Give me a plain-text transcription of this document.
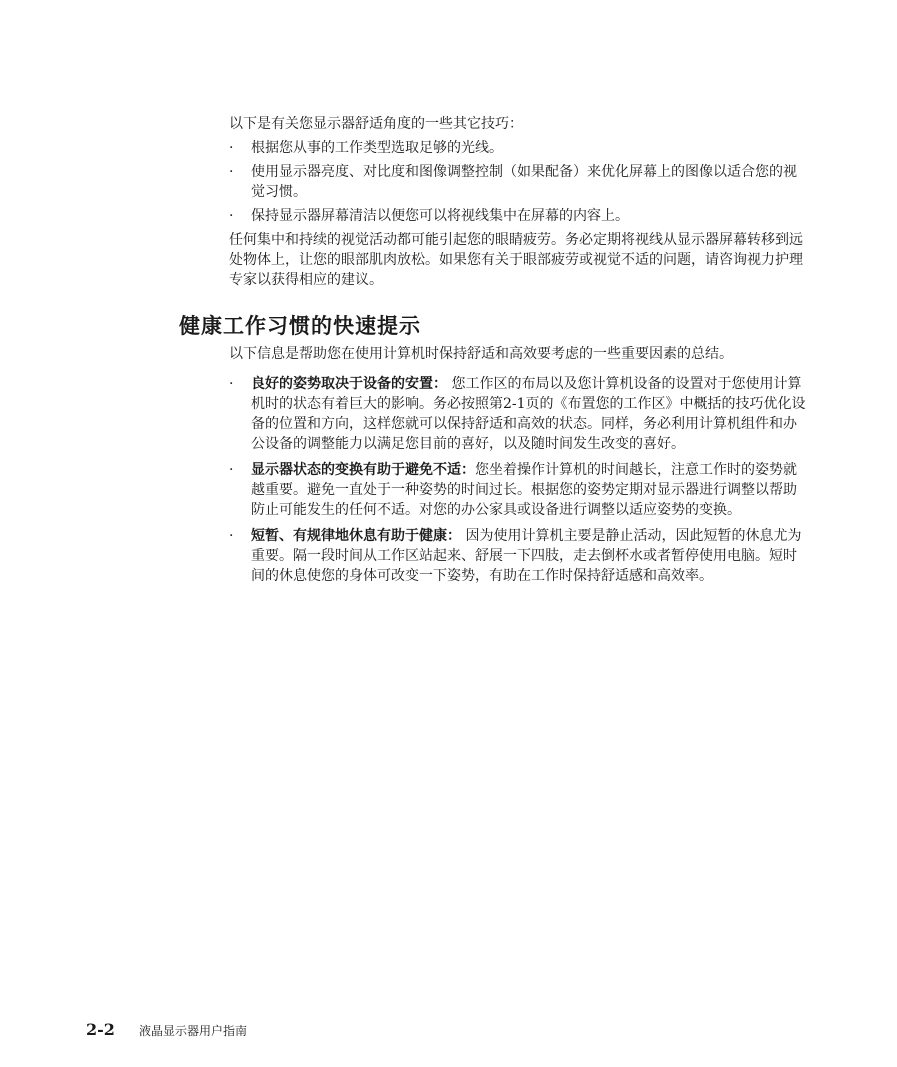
以下是有关您显示器舒适角度的一些其它技巧：

·	根据您从事的工作类型选取足够的光线。
·	使用显示器亮度、对比度和图像调整控制（如果配备）来优化屏幕上的图像以适合您的视觉习惯。
·	保持显示器屏幕清洁以便您可以将视线集中在屏幕的内容上。

任何集中和持续的视觉活动都可能引起您的眼睛疲劳。务必定期将视线从显示器屏幕转移到远处物体上，让您的眼部肌肉放松。如果您有关于眼部疲劳或视觉不适的问题，请咨询视力护理专家以获得相应的建议。

健康工作习惯的快速提示

以下信息是帮助您在使用计算机时保持舒适和高效要考虑的一些重要因素的总结。

· 良好的姿势取决于设备的安置： 您工作区的布局以及您计算机设备的设置对于您使用计算机时的状态有着巨大的影响。务必按照第2-1页的《布置您的工作区》中概括的技巧优化设备的位置和方向，这样您就可以保持舒适和高效的状态。同样，务必利用计算机组件和办公设备的调整能力以满足您目前的喜好，以及随时间发生改变的喜好。
· 显示器状态的变换有助于避免不适：您坐着操作计算机的时间越长，注意工作时的姿势就越重要。避免一直处于一种姿势的时间过长。根据您的姿势定期对显示器进行调整以帮助防止可能发生的任何不适。对您的办公家具或设备进行调整以适应姿势的变换。
· 短暂、有规律地休息有助于健康： 因为使用计算机主要是静止活动，因此短暂的休息尤为重要。隔一段时间从工作区站起来、舒展一下四肢，走去倒杯水或者暂停使用电脑。短时间的休息使您的身体可改变一下姿势，有助在工作时保持舒适感和高效率。
2-2 液晶显示器用户指南
